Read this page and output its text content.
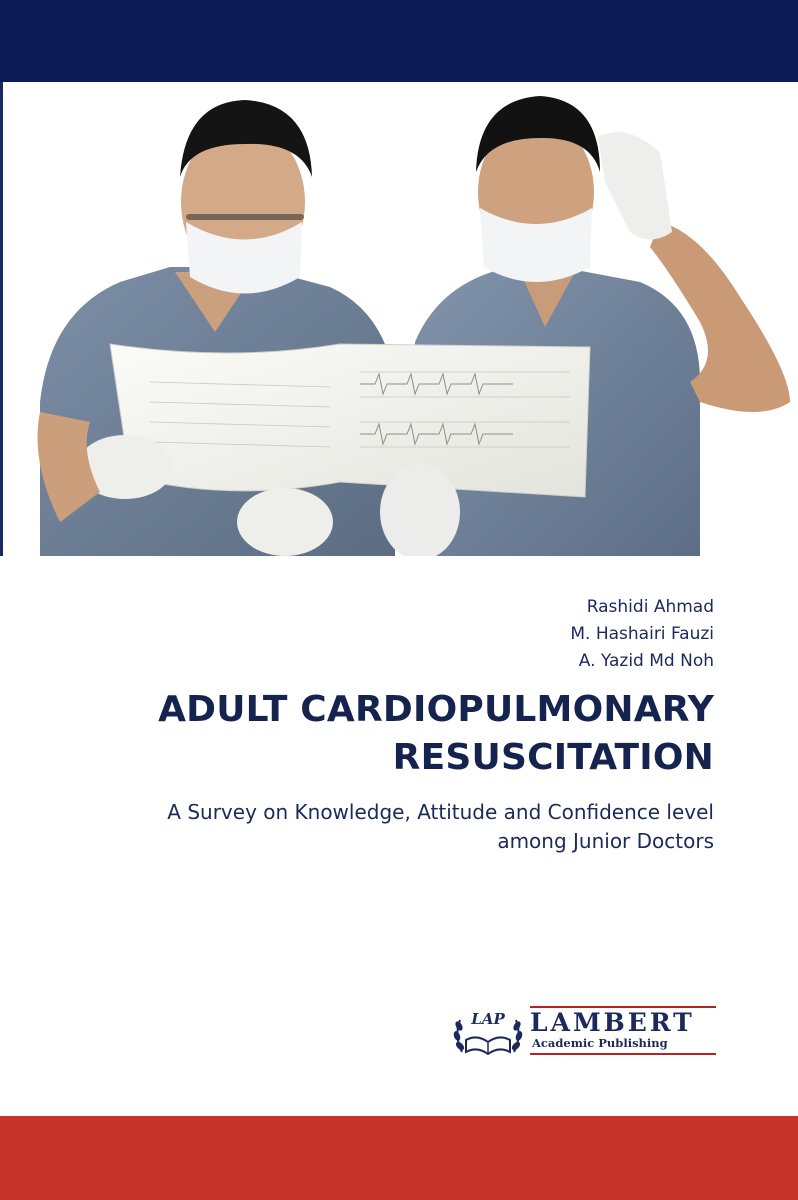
Rashidi Ahmad
M. Hashairi Fauzi
A. Yazid Md Noh
ADULT CARDIOPULMONARY
RESUSCITATION
A Survey on Knowledge, Attitude and Confidence level
among Junior Doctors
LAP LAMBERT
Academic Publishing
